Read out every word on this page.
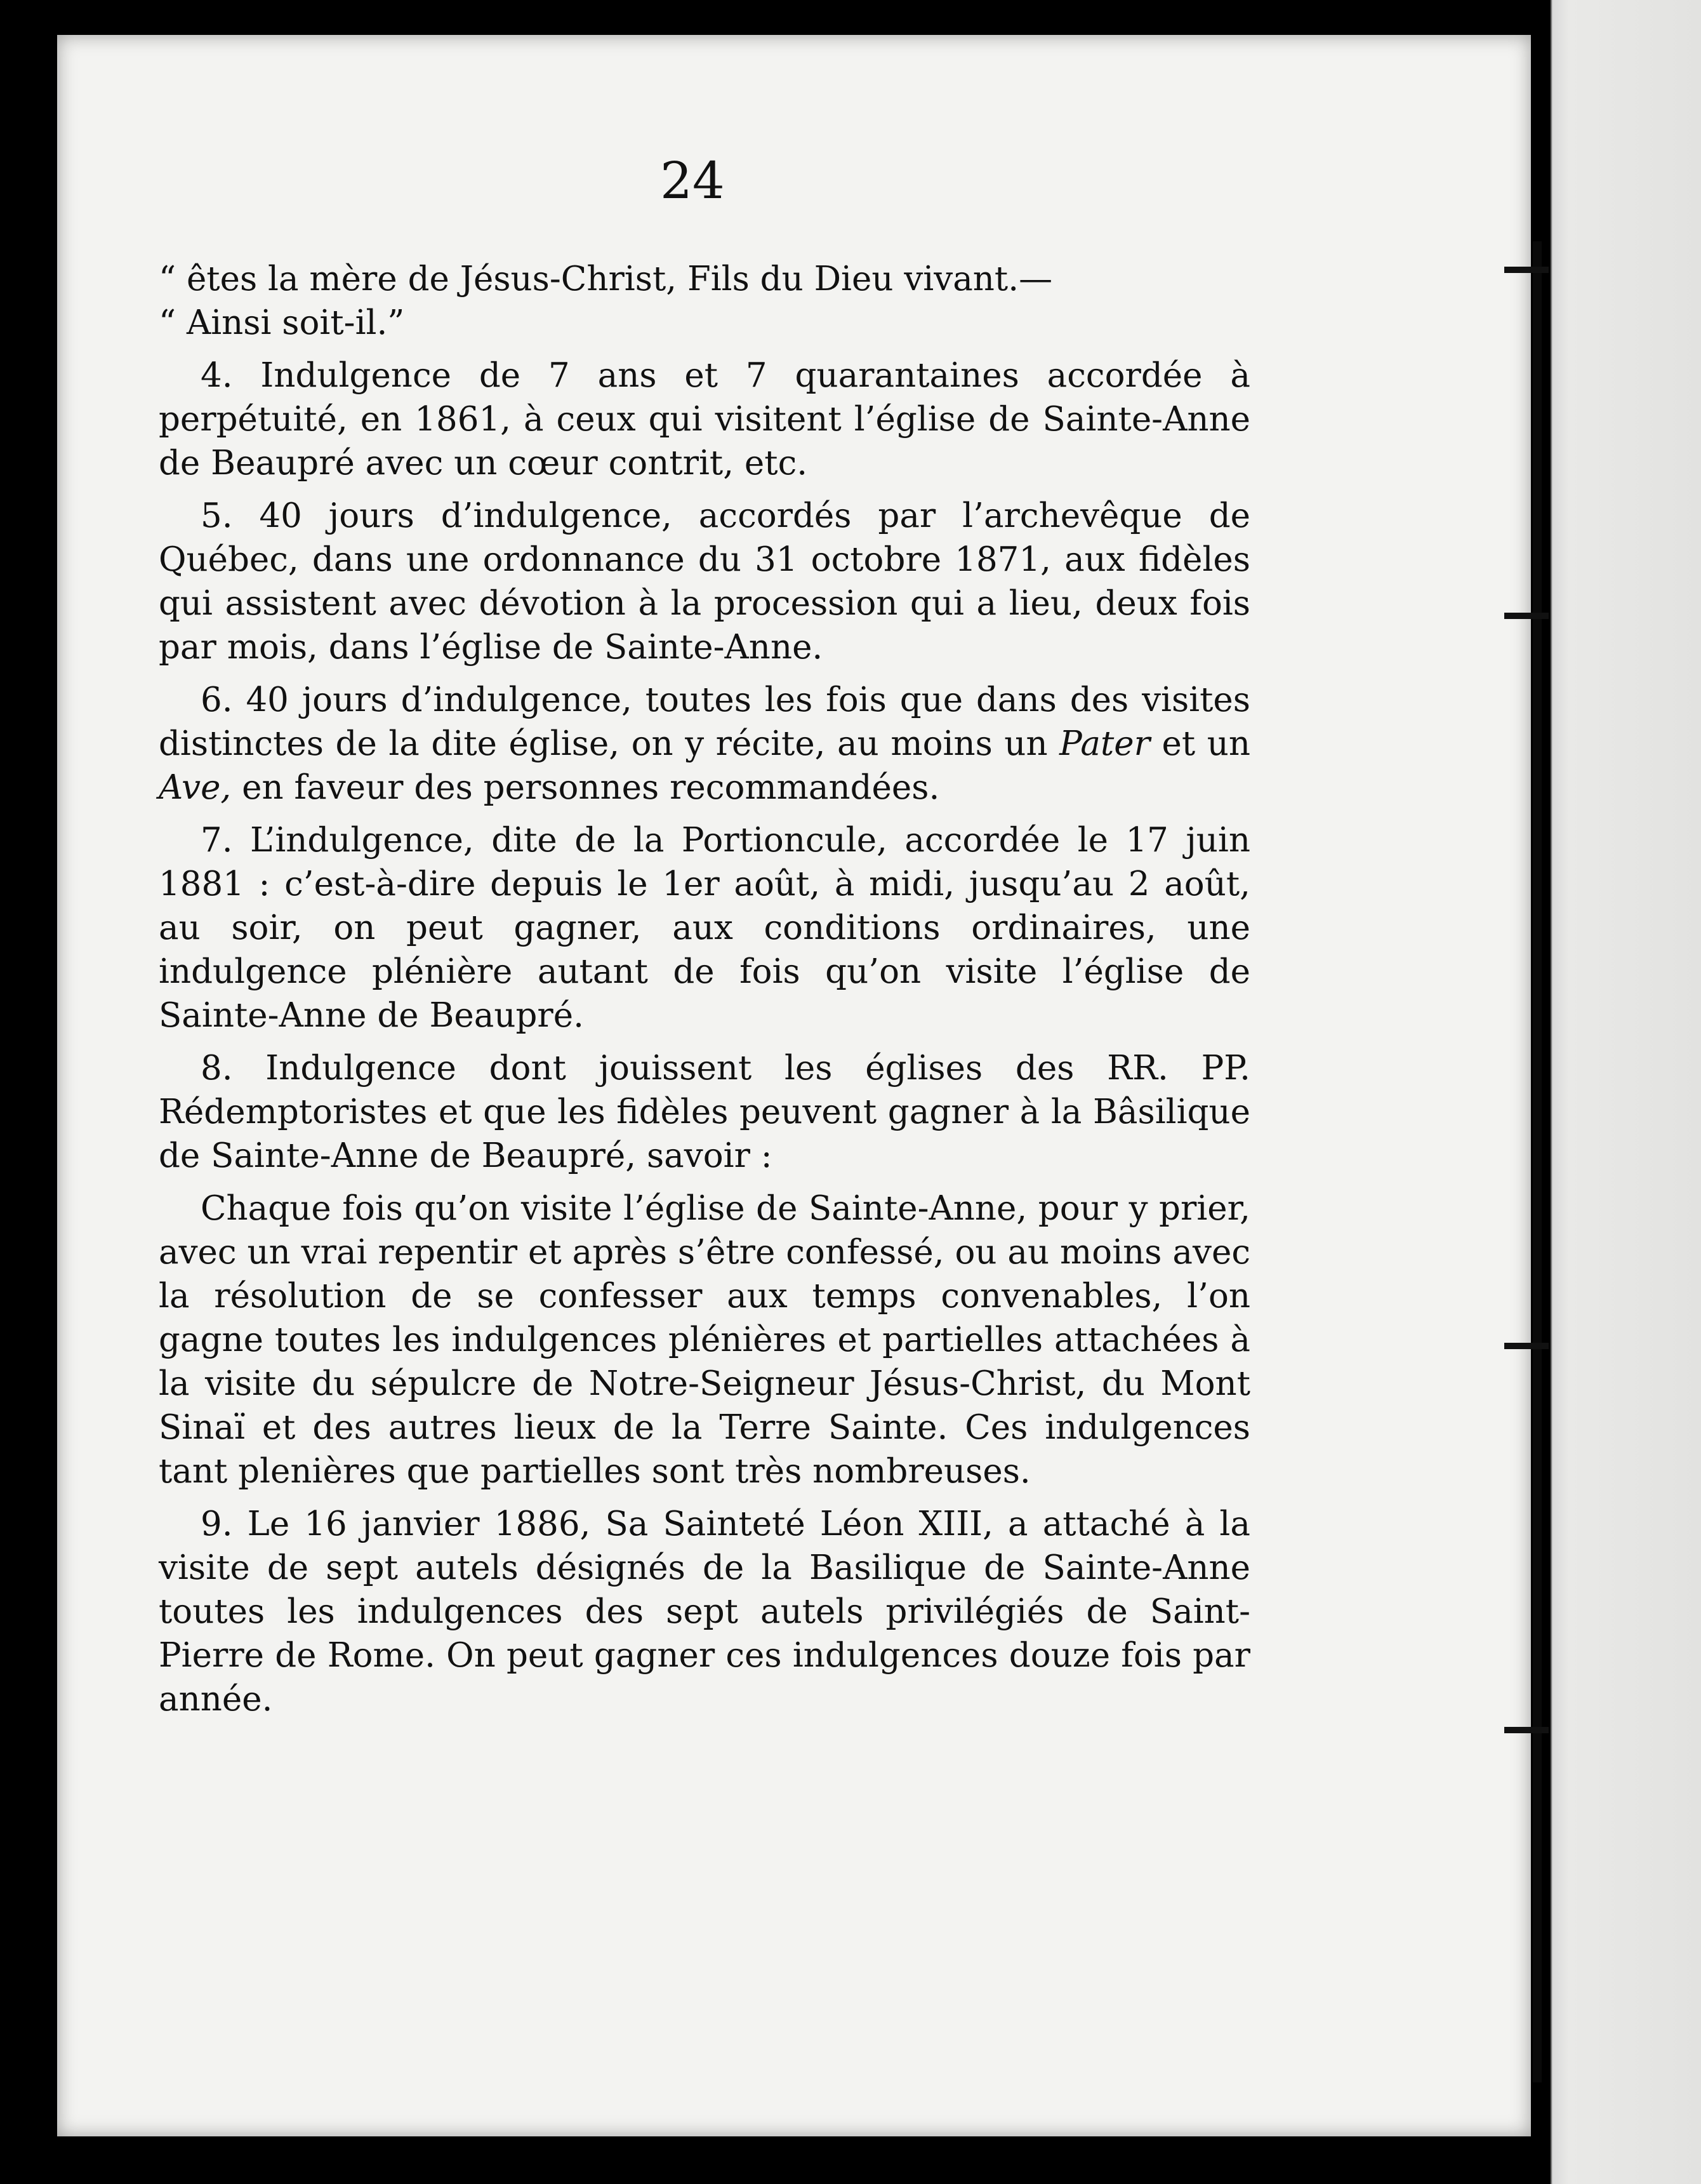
24

“ êtes la mère de Jésus-Christ, Fils du Dieu vivant.—
“ Ainsi soit-il.”

4. Indulgence de 7 ans et 7 quarantaines accordée à perpétuité, en 1861, à ceux qui visitent l’église de Sainte-Anne de Beaupré avec un cœur contrit, etc.

5. 40 jours d’indulgence, accordés par l’archevêque de Québec, dans une ordonnance du 31 octobre 1871, aux fidèles qui assistent avec dévotion à la procession qui a lieu, deux fois par mois, dans l’église de Sainte-Anne.

6. 40 jours d’indulgence, toutes les fois que dans des visites distinctes de la dite église, on y récite, au moins un Pater et un Ave, en faveur des personnes recommandées.

7. L’indulgence, dite de la Portioncule, accordée le 17 juin 1881 : c’est-à-dire depuis le 1er août, à midi, jusqu’au 2 août, au soir, on peut gagner, aux conditions ordinaires, une indulgence plénière autant de fois qu’on visite l’église de Sainte-Anne de Beaupré.

8. Indulgence dont jouissent les églises des RR. PP. Rédemptoristes et que les fidèles peuvent gagner à la Bâsilique de Sainte-Anne de Beaupré, savoir :

Chaque fois qu’on visite l’église de Sainte-Anne, pour y prier, avec un vrai repentir et après s’être confessé, ou au moins avec la résolution de se confesser aux temps convenables, l’on gagne toutes les indulgences plénières et partielles attachées à la visite du sépulcre de Notre-Seigneur Jésus-Christ, du Mont Sinaï et des autres lieux de la Terre Sainte. Ces indulgences tant plenières que partielles sont très nombreuses.

9. Le 16 janvier 1886, Sa Sainteté Léon XIII, a attaché à la visite de sept autels désignés de la Basilique de Sainte-Anne toutes les indulgences des sept autels privilégiés de Saint-Pierre de Rome. On peut gagner ces indulgences douze fois par année.
